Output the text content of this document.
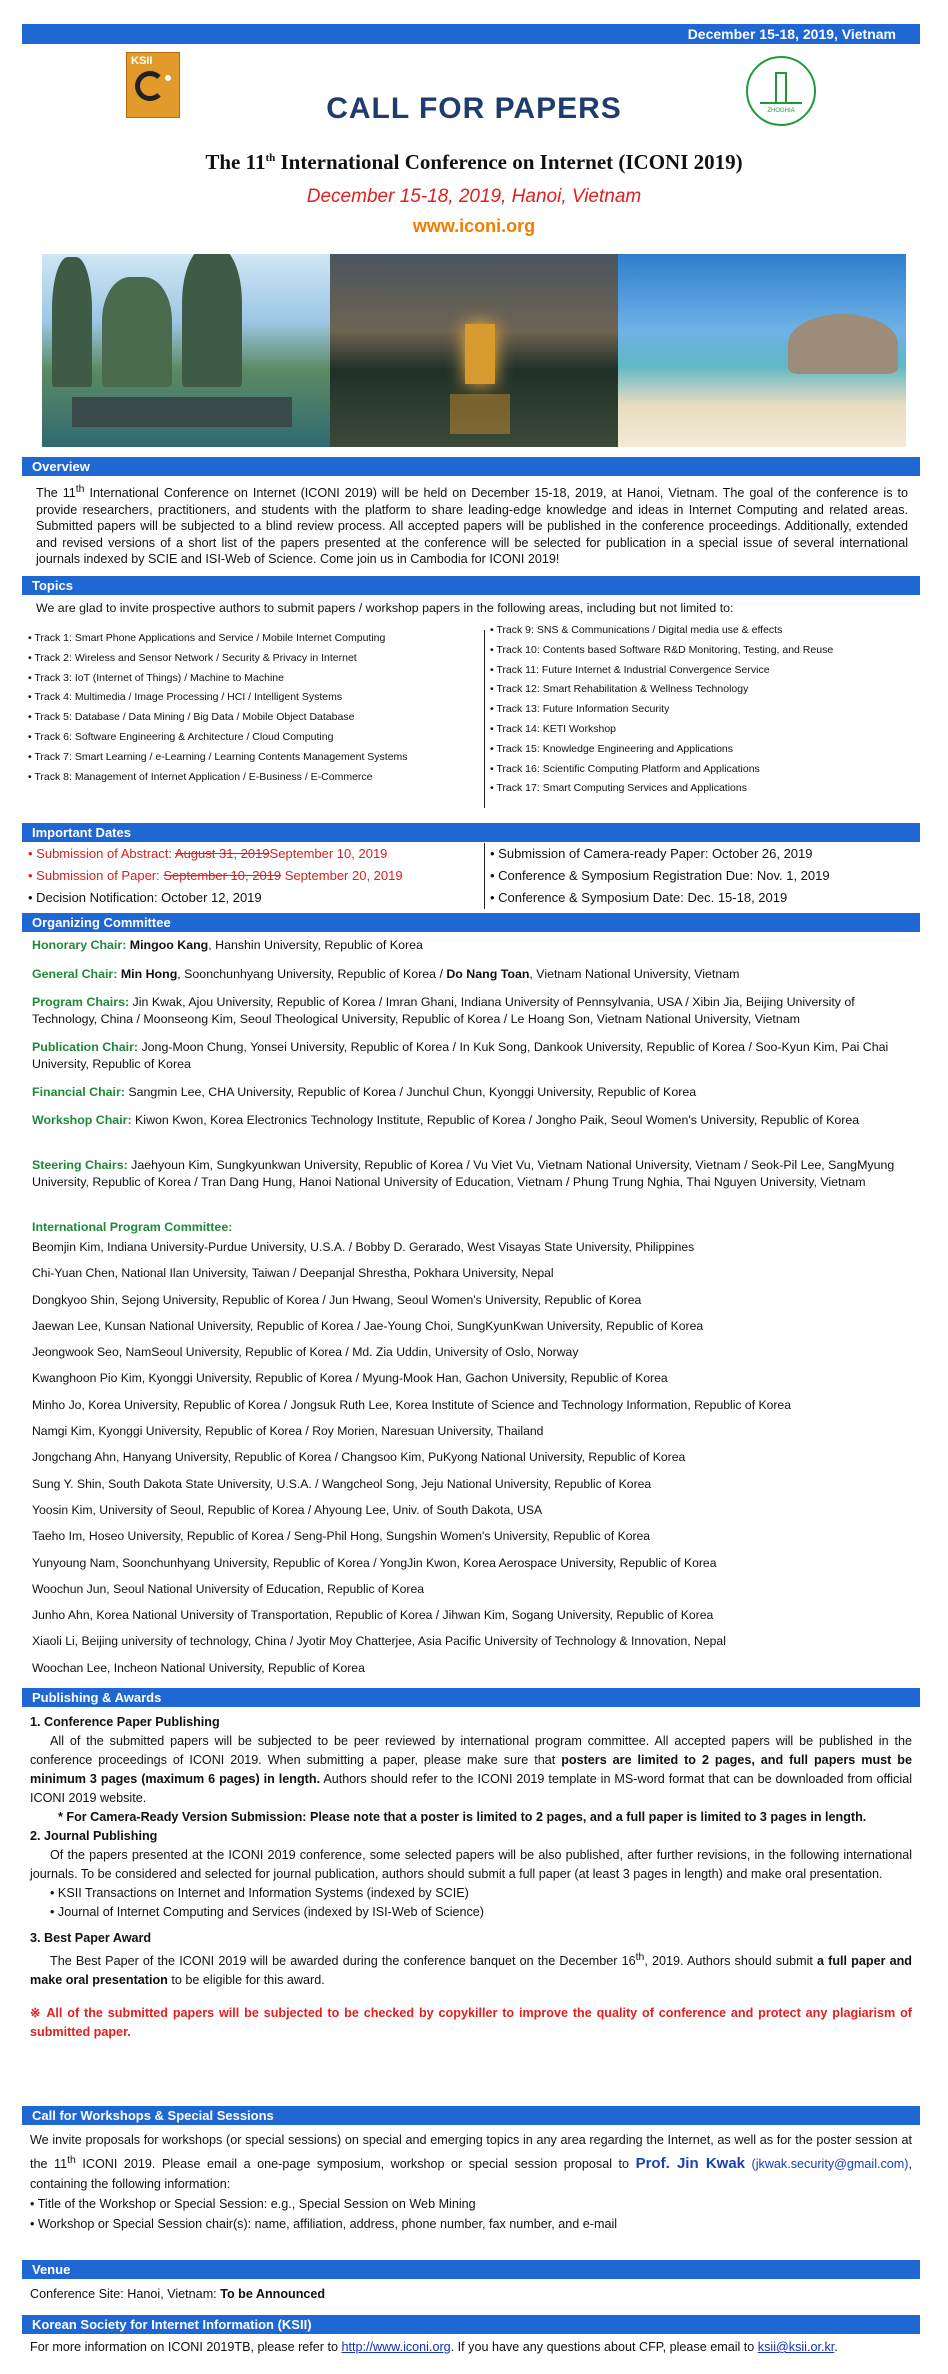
December 15-18, 2019, Vietnam
KSII
ZHOGHIA
CALL FOR PAPERS
The 11th International Conference on Internet (ICONI 2019)
December 15-18, 2019, Hanoi, Vietnam
www.iconi.org
Overview
The 11th International Conference on Internet (ICONI 2019) will be held on December 15-18, 2019, at Hanoi, Vietnam. The goal of the conference is to provide researchers, practitioners, and students with the platform to share leading-edge knowledge and ideas in Internet Computing and related areas. Submitted papers will be subjected to a blind review process. All accepted papers will be published in the conference proceedings. Additionally, extended and revised versions of a short list of the papers presented at the conference will be selected for publication in a special issue of several international journals indexed by SCIE and ISI-Web of Science. Come join us in Cambodia for ICONI 2019!
Topics
We are glad to invite prospective authors to submit papers / workshop papers in the following areas, including but not limited to:
• Track 1: Smart Phone Applications and Service / Mobile Internet Computing
• Track 2: Wireless and Sensor Network / Security & Privacy in Internet
• Track 3: IoT (Internet of Things) / Machine to Machine
• Track 4: Multimedia / Image Processing / HCI / Intelligent Systems
• Track 5: Database / Data Mining / Big Data / Mobile Object Database
• Track 6: Software Engineering & Architecture / Cloud Computing
• Track 7: Smart Learning / e-Learning / Learning Contents Management Systems
• Track 8: Management of Internet Application / E-Business / E-Commerce
• Track 9: SNS & Communications / Digital media use & effects
• Track 10: Contents based Software R&D Monitoring, Testing, and Reuse
• Track 11: Future Internet & Industrial Convergence Service
• Track 12: Smart Rehabilitation & Wellness Technology
• Track 13: Future Information Security
• Track 14: KETI Workshop
• Track 15: Knowledge Engineering and Applications
• Track 16: Scientific Computing Platform and Applications
• Track 17: Smart Computing Services and Applications
Important Dates
• Submission of Abstract: August 31, 2019September 10, 2019
• Submission of Paper: September 10, 2019 September 20, 2019
• Decision Notification: October 12, 2019
• Submission of Camera-ready Paper: October 26, 2019
• Conference & Symposium Registration Due: Nov. 1, 2019
• Conference & Symposium Date: Dec. 15-18, 2019
Organizing Committee
Honorary Chair: Mingoo Kang, Hanshin University, Republic of Korea
General Chair: Min Hong, Soonchunhyang University, Republic of Korea / Do Nang Toan, Vietnam National University, Vietnam
Program Chairs: Jin Kwak, Ajou University, Republic of Korea / Imran Ghani, Indiana University of Pennsylvania, USA / Xibin Jia, Beijing University of Technology, China / Moonseong Kim, Seoul Theological University, Republic of Korea / Le Hoang Son, Vietnam National University, Vietnam
Publication Chair: Jong-Moon Chung, Yonsei University, Republic of Korea / In Kuk Song, Dankook University, Republic of Korea / Soo-Kyun Kim, Pai Chai University, Republic of Korea
Financial Chair: Sangmin Lee, CHA University, Republic of Korea / Junchul Chun, Kyonggi University, Republic of Korea
Workshop Chair: Kiwon Kwon, Korea Electronics Technology Institute, Republic of Korea / Jongho Paik, Seoul Women's University, Republic of Korea
Steering Chairs: Jaehyoun Kim, Sungkyunkwan University, Republic of Korea / Vu Viet Vu, Vietnam National University, Vietnam / Seok-Pil Lee, SangMyung University, Republic of Korea / Tran Dang Hung, Hanoi National University of Education, Vietnam / Phung Trung Nghia, Thai Nguyen University, Vietnam
International Program Committee:
Beomjin Kim, Indiana University-Purdue University, U.S.A. / Bobby D. Gerarado, West Visayas State University, Philippines
Chi-Yuan Chen, National Ilan University, Taiwan / Deepanjal Shrestha, Pokhara University, Nepal
Dongkyoo Shin, Sejong University, Republic of Korea / Jun Hwang, Seoul Women's University, Republic of Korea
Jaewan Lee, Kunsan National University, Republic of Korea / Jae-Young Choi, SungKyunKwan University, Republic of Korea
Jeongwook Seo, NamSeoul University, Republic of Korea / Md. Zia Uddin, University of Oslo, Norway
Kwanghoon Pio Kim, Kyonggi University, Republic of Korea / Myung-Mook Han, Gachon University, Republic of Korea
Minho Jo, Korea University, Republic of Korea / Jongsuk Ruth Lee, Korea Institute of Science and Technology Information, Republic of Korea
Namgi Kim, Kyonggi University, Republic of Korea / Roy Morien, Naresuan University, Thailand
Jongchang Ahn, Hanyang University, Republic of Korea / Changsoo Kim, PuKyong National University, Republic of Korea
Sung Y. Shin, South Dakota State University, U.S.A. / Wangcheol Song, Jeju National University, Republic of Korea
Yoosin Kim, University of Seoul, Republic of Korea / Ahyoung Lee, Univ. of South Dakota, USA
Taeho Im, Hoseo University, Republic of Korea / Seng-Phil Hong, Sungshin Women's University, Republic of Korea
Yunyoung Nam, Soonchunhyang University, Republic of Korea / YongJin Kwon, Korea Aerospace University, Republic of Korea
Woochun Jun, Seoul National University of Education, Republic of Korea
Junho Ahn, Korea National University of Transportation, Republic of Korea / Jihwan Kim, Sogang University, Republic of Korea
Xiaoli Li, Beijing university of technology, China / Jyotir Moy Chatterjee, Asia Pacific University of Technology & Innovation, Nepal
Woochan Lee, Incheon National University, Republic of Korea
Publishing & Awards
1. Conference Paper Publishing
All of the submitted papers will be subjected to be peer reviewed by international program committee. All accepted papers will be published in the conference proceedings of ICONI 2019. When submitting a paper, please make sure that posters are limited to 2 pages, and full papers must be minimum 3 pages (maximum 6 pages) in length. Authors should refer to the ICONI 2019 template in MS-word format that can be downloaded from official ICONI 2019 website.
* For Camera-Ready Version Submission: Please note that a poster is limited to 2 pages, and a full paper is limited to 3 pages in length.
2. Journal Publishing
Of the papers presented at the ICONI 2019 conference, some selected papers will be also published, after further revisions, in the following international journals. To be considered and selected for journal publication, authors should submit a full paper (at least 3 pages in length) and make oral presentation.
• KSII Transactions on Internet and Information Systems (indexed by SCIE)
• Journal of Internet Computing and Services (indexed by ISI-Web of Science)
3. Best Paper Award
The Best Paper of the ICONI 2019 will be awarded during the conference banquet on the December 16th, 2019. Authors should submit a full paper and make oral presentation to be eligible for this award.
※ All of the submitted papers will be subjected to be checked by copykiller to improve the quality of conference and protect any plagiarism of submitted paper.
Call for Workshops & Special Sessions
We invite proposals for workshops (or special sessions) on special and emerging topics in any area regarding the Internet, as well as for the poster session at the 11th ICONI 2019. Please email a one-page symposium, workshop or special session proposal to Prof. Jin Kwak (jkwak.security@gmail.com), containing the following information:
• Title of the Workshop or Special Session: e.g., Special Session on Web Mining
• Workshop or Special Session chair(s): name, affiliation, address, phone number, fax number, and e-mail
Venue
Conference Site: Hanoi, Vietnam: To be Announced
Korean Society for Internet Information (KSII)
For more information on ICONI 2019TB, please refer to http://www.iconi.org. If you have any questions about CFP, please email to ksii@ksii.or.kr.
